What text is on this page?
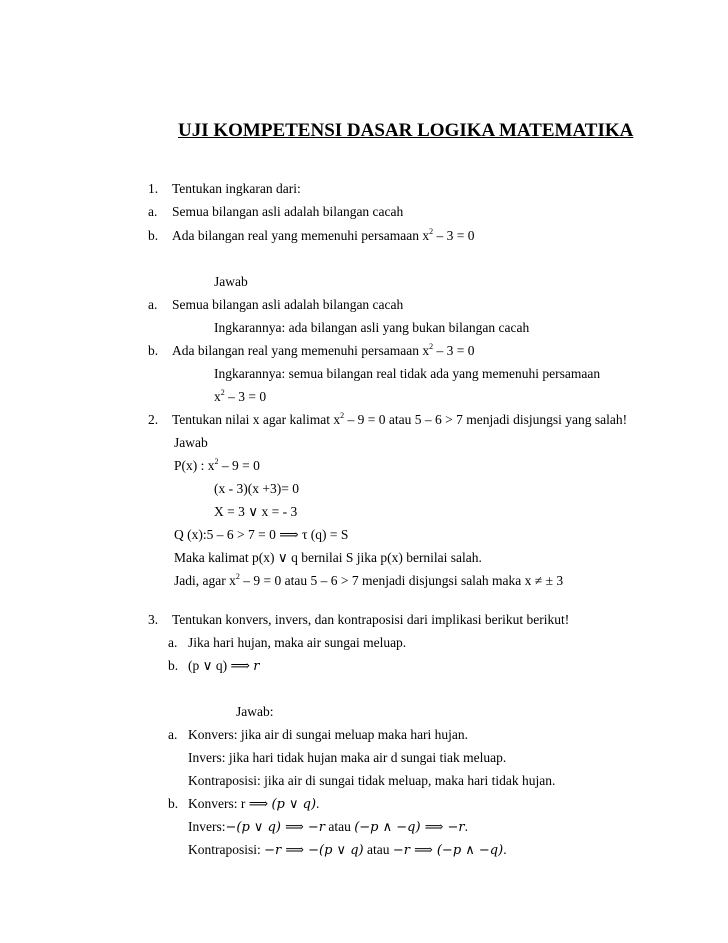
UJI KOMPETENSI DASAR LOGIKA MATEMATIKA
1. Tentukan ingkaran dari:
a. Semua bilangan asli adalah bilangan cacah
b. Ada bilangan real yang memenuhi persamaan $x^2 - 3 = 0$
Jawab
a. Semua bilangan asli adalah bilangan cacah
Ingkarannya: ada bilangan asli yang bukan bilangan cacah
b. Ada bilangan real yang memenuhi persamaan $x^2 - 3 = 0$
Ingkarannya: semua bilangan real tidak ada yang memenuhi persamaan
$x^2 - 3 = 0$
2. Tentukan nilai x agar kalimat $x^2 - 9 = 0$ atau 5 – 6 > 7 menjadi disjungsi yang salah!
Jawab
P(x) : $x^2 - 9 = 0$
(x - 3)(x +3)= 0
X = 3 ∨ x = - 3
Q (x):5 – 6 > 7 = 0 ⟹ τ (q) = S
Maka kalimat p(x) ∨ q bernilai S jika p(x) bernilai salah.
Jadi, agar $x^2 - 9 = 0$ atau 5 – 6 > 7 menjadi disjungsi salah maka x ≠ ± 3
3. Tentukan konvers, invers, dan kontraposisi dari implikasi berikut berikut!
a. Jika hari hujan, maka air sungai meluap.
b. (p ∨ q) ⟹ r
Jawab:
a. Konvers: jika air di sungai meluap maka hari hujan.
Invers: jika hari tidak hujan maka air d sungai tiak meluap.
Kontraposisi: jika air di sungai tidak meluap, maka hari tidak hujan.
b. Konvers: r ⟹ (p ∨ q).
Invers:−(p ∨ q) ⟹ −r atau (−p ∧ −q) ⟹ −r.
Kontraposisi: −r ⟹ −(p ∨ q) atau −r ⟹ (−p ∧ −q).
